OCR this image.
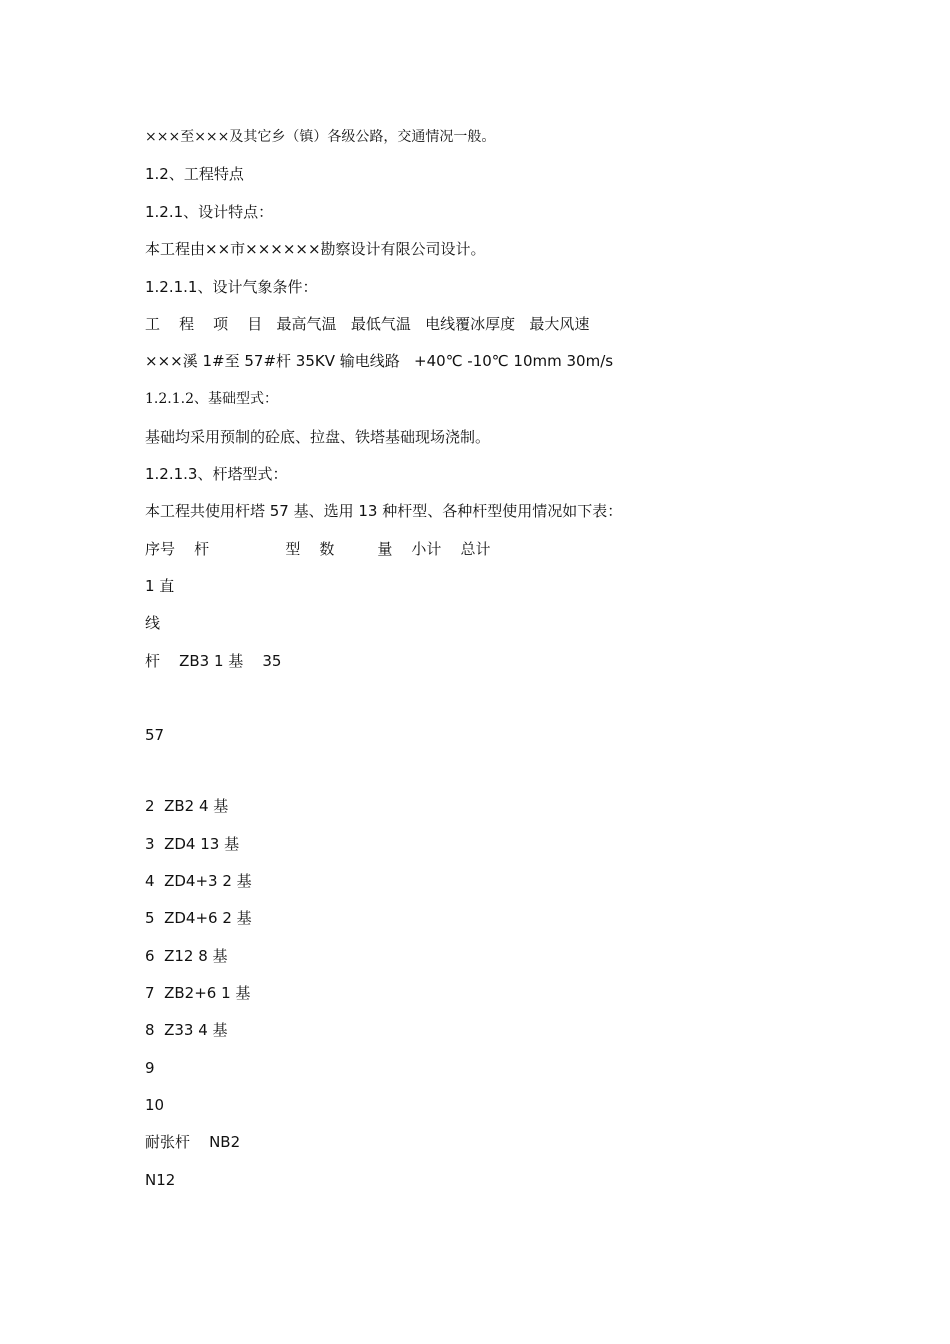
×××至×××及其它乡（镇）各级公路，交通情况一般。
1.2、工程特点
1.2.1、设计特点：
本工程由××市××××××勘察设计有限公司设计。
1.2.1.1、设计气象条件：
工    程    项    目   最高气温   最低气温   电线覆冰厚度   最大风速
×××溪 1#至 57#杆 35KV 输电线路   +40℃ -10℃ 10mm 30m/s
1.2.1.2、基础型式：
基础均采用预制的砼底、拉盘、铁塔基础现场浇制。
1.2.1.3、杆塔型式：
本工程共使用杆塔 57 基、选用 13 种杆型、各种杆型使用情况如下表：
序号    杆                型    数         量    小计    总计
1 直
线
杆    ZB3 1 基    35
57
2  ZB2 4 基
3  ZD4 13 基
4  ZD4+3 2 基
5  ZD4+6 2 基
6  Z12 8 基
7  ZB2+6 1 基
8  Z33 4 基
9
10
耐张杆    NB2
N12
